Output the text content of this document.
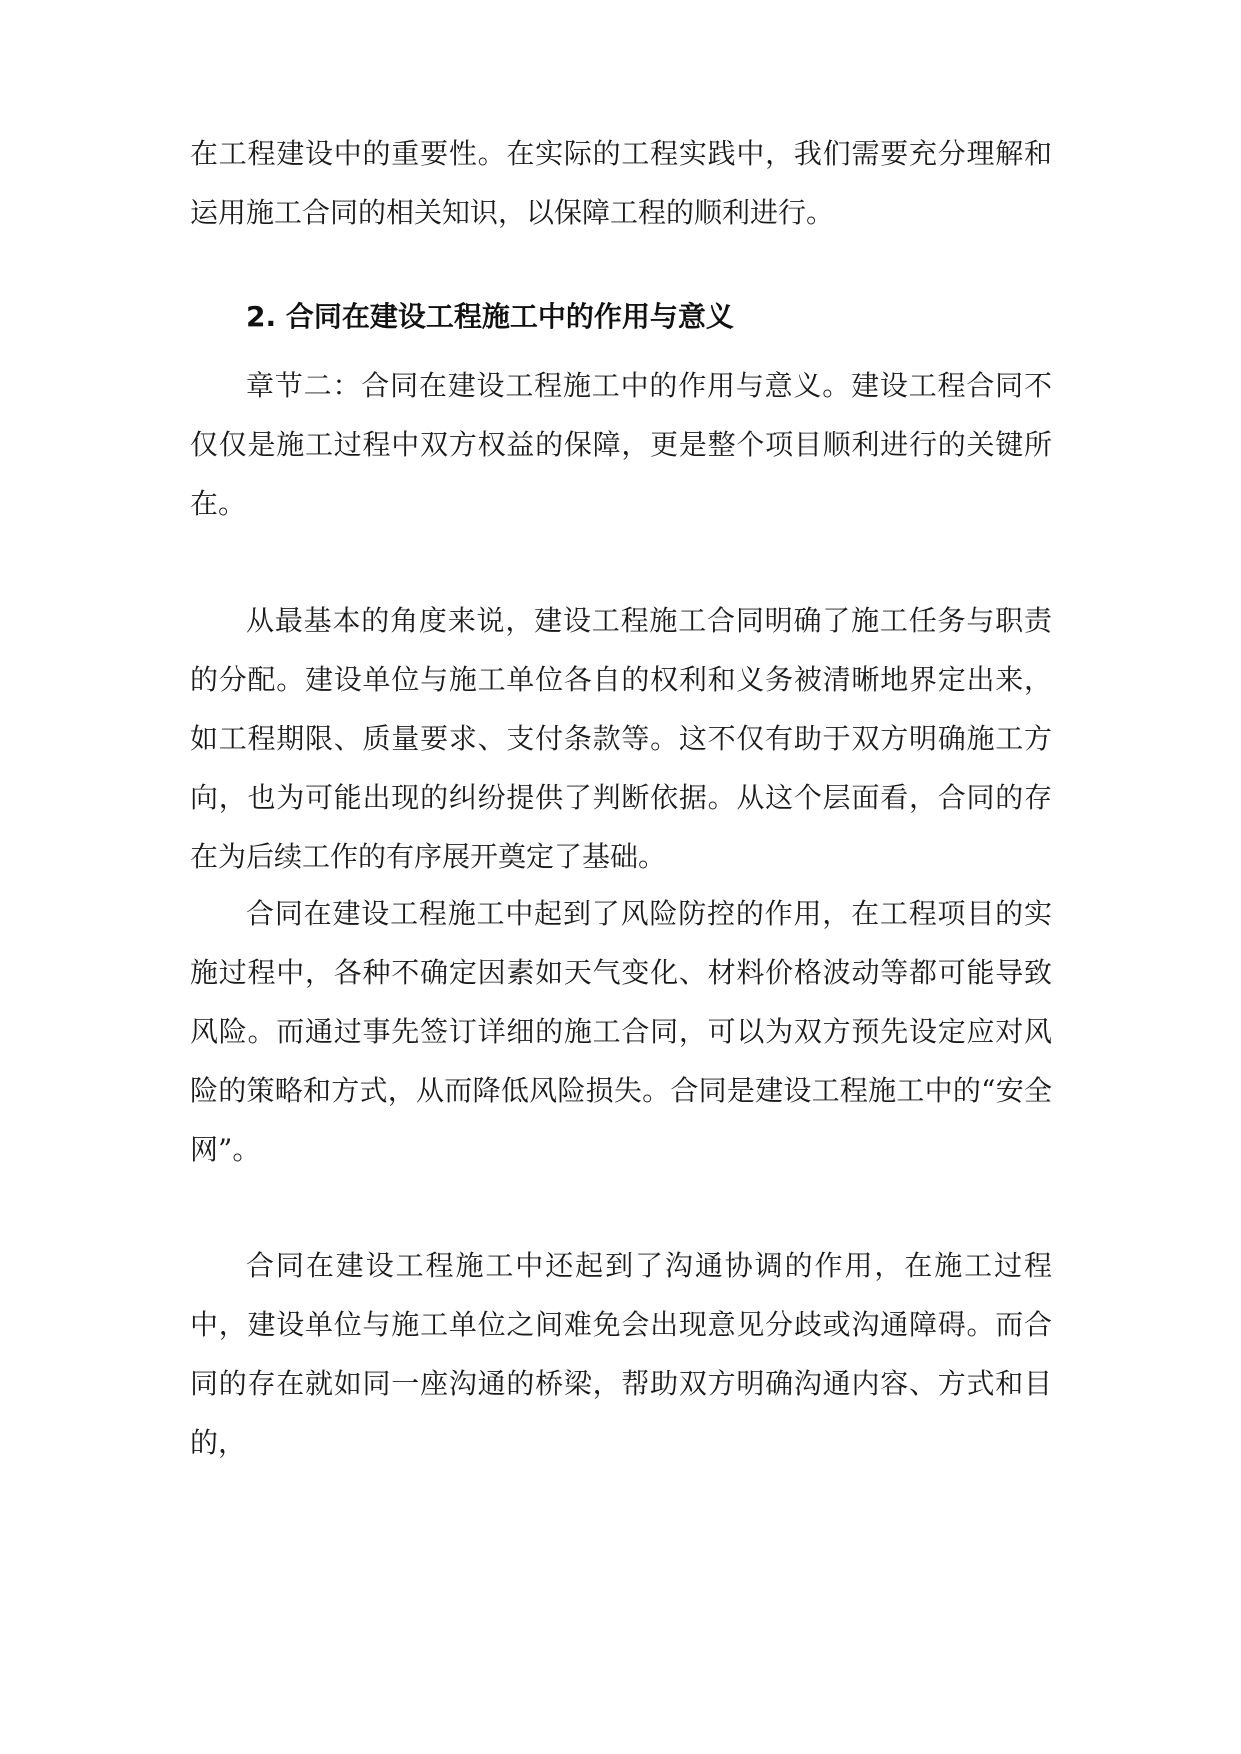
在工程建设中的重要性。在实际的工程实践中，我们需要充分理解和运用施工合同的相关知识，以保障工程的顺利进行。

2. 合同在建设工程施工中的作用与意义

章节二：合同在建设工程施工中的作用与意义。建设工程合同不仅仅是施工过程中双方权益的保障，更是整个项目顺利进行的关键所在。

从最基本的角度来说，建设工程施工合同明确了施工任务与职责的分配。建设单位与施工单位各自的权利和义务被清晰地界定出来，如工程期限、质量要求、支付条款等。这不仅有助于双方明确施工方向，也为可能出现的纠纷提供了判断依据。从这个层面看，合同的存在为后续工作的有序展开奠定了基础。

合同在建设工程施工中起到了风险防控的作用，在工程项目的实施过程中，各种不确定因素如天气变化、材料价格波动等都可能导致风险。而通过事先签订详细的施工合同，可以为双方预先设定应对风险的策略和方式，从而降低风险损失。合同是建设工程施工中的“安全网”。

合同在建设工程施工中还起到了沟通协调的作用，在施工过程中，建设单位与施工单位之间难免会出现意见分歧或沟通障碍。而合同的存在就如同一座沟通的桥梁，帮助双方明确沟通内容、方式和目的，
